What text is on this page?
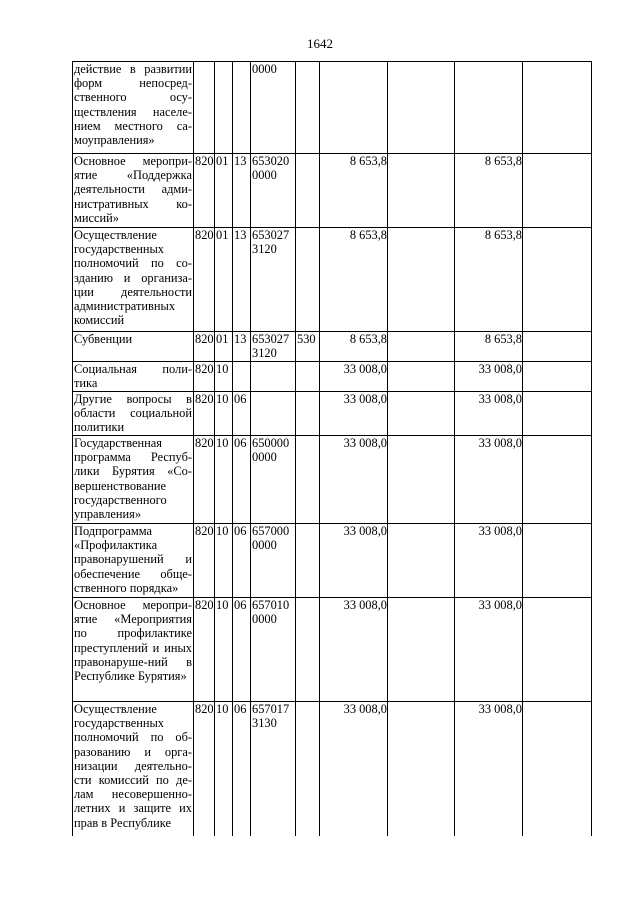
1642
действие в развитии форм непосред-ственного осу-ществления населе-нием местного са-моуправления»				0000					
Основное меропри-ятие «Поддержка деятельности адми-нистративных ко-миссий»	820	01	13	653020 0000		8 653,8		8 653,8	
Осуществление государственных полномочий по со-зданию и организа-ции деятельности административных комиссий	820	01	13	653027 3120		8 653,8		8 653,8	
Субвенции	820	01	13	653027 3120	530	8 653,8		8 653,8	
Социальная поли-тика	820	10				33 008,0		33 008,0	
Другие вопросы в области социальной политики	820	10	06			33 008,0		33 008,0	
Государственная программа Респуб-лики Бурятия «Со-вершенствование государственного управления»	820	10	06	650000 0000		33 008,0		33 008,0	
Подпрограмма «Профилактика правонарушений и обеспечение обще-ственного порядка»	820	10	06	657000 0000		33 008,0		33 008,0	
Основное меропри-ятие «Мероприятия по профилактике преступлений и иных правонаруше-ний в Республике Бурятия»	820	10	06	657010 0000		33 008,0		33 008,0	
Осуществление государственных полномочий по об-разованию и орга-низации деятельно-сти комиссий по де-лам несовершенно-летних и защите их прав в Республике	820	10	06	657017 3130		33 008,0		33 008,0	
